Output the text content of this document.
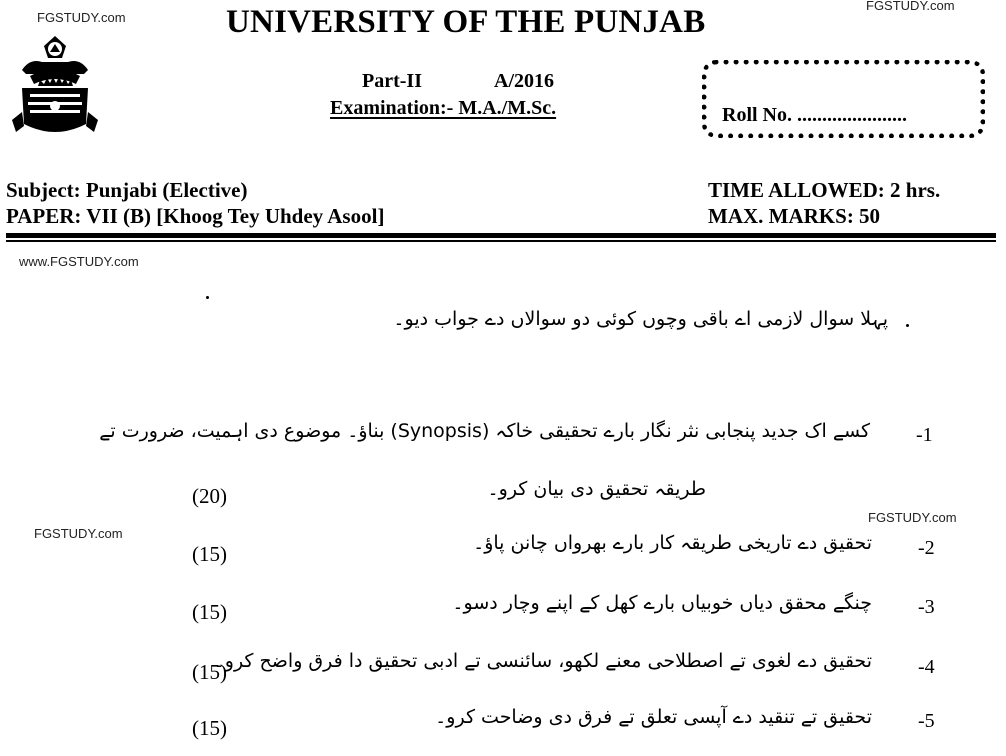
FGSTUDY.com
FGSTUDY.com
www.FGSTUDY.com
FGSTUDY.com
FGSTUDY.com
UNIVERSITY OF THE PUNJAB
Part-II	A/2016
Examination:- M.A./M.Sc.	Roll No. ......................
Subject: Punjabi (Elective)
PAPER: VII (B) [Khoog Tey Uhdey Asool]
TIME ALLOWED: 2 hrs.
MAX. MARKS: 50
پہلا سوال لازمی اے باقی وچوں کوئی دو سوالاں دے جواب دیو۔
-1
کسے اک جدید پنجابی نثر نگار بارے تحقیقی خاکہ (Synopsis) بناؤ۔ موضوع دی اہمیت، ضرورت تے
طریقہ تحقیق دی بیان کرو۔
(20)
-2
تحقیق دے تاریخی طریقہ کار بارے بھرواں چانن پاؤ۔
(15)
-3
چنگے محقق دیاں خوبیاں بارے کھل کے اپنے وچار دسو۔
(15)
-4
تحقیق دے لغوی تے اصطلاحی معنے لکھو، سائنسی تے ادبی تحقیق دا فرق واضح کرو۔
(15)
-5
تحقیق تے تنقید دے آپسی تعلق تے فرق دی وضاحت کرو۔
(15)
